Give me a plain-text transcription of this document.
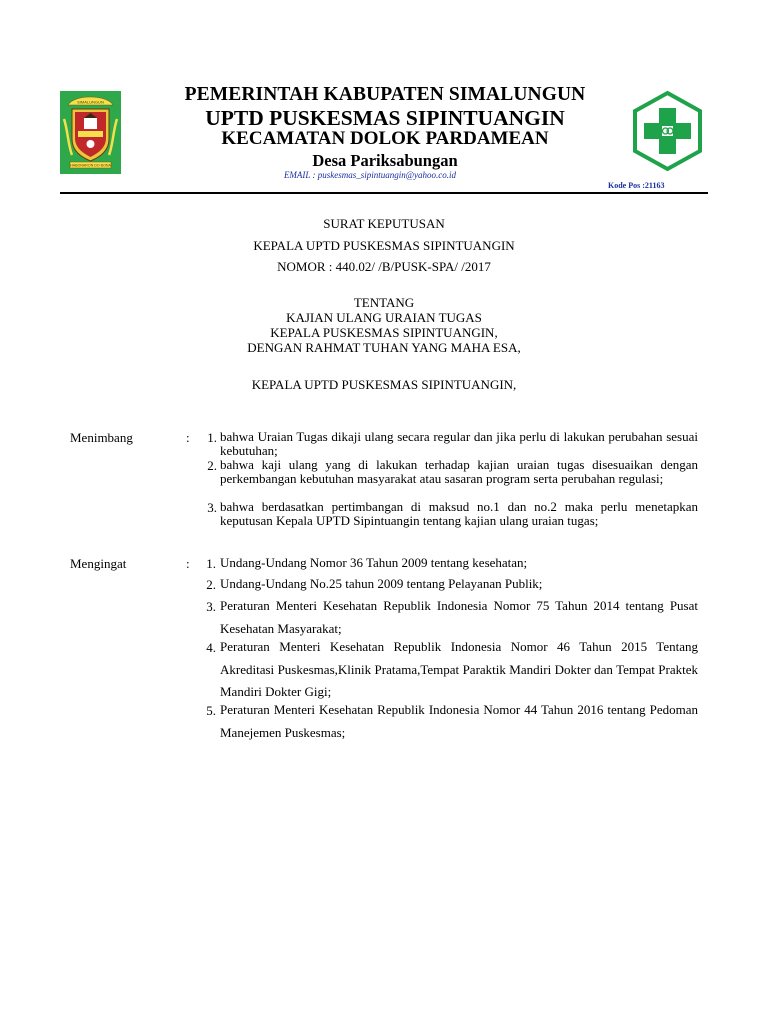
SIMALUNGUN
HABONARON DO BONA
PEMERINTAH KABUPATEN SIMALUNGUN
UPTD PUSKESMAS SIPINTUANGIN
KECAMATAN DOLOK PARDAMEAN
Desa Pariksabungan
EMAIL : puskesmas_sipintuangin@yahoo.co.id
Kode Pos :21163
SURAT KEPUTUSAN
KEPALA UPTD PUSKESMAS SIPINTUANGIN
NOMOR : 440.02/ /B/PUSK-SPA/ /2017
TENTANG
KAJIAN ULANG URAIAN TUGAS
KEPALA PUSKESMAS SIPINTUANGIN,
DENGAN RAHMAT TUHAN YANG MAHA ESA,
KEPALA UPTD PUSKESMAS SIPINTUANGIN,
Menimbang	:	1. bahwa Uraian Tugas dikaji ulang secara regular dan jika perlu di lakukan perubahan sesuai kebutuhan;
2. bahwa kaji ulang yang di lakukan terhadap kajian uraian tugas disesuaikan dengan perkembangan kebutuhan masyarakat atau sasaran program serta perubahan regulasi;
3. bahwa berdasatkan pertimbangan di maksud no.1 dan no.2 maka perlu menetapkan keputusan Kepala UPTD Sipintuangin tentang kajian ulang uraian tugas;
Mengingat	:	1. Undang-Undang Nomor 36 Tahun 2009 tentang kesehatan;
2. Undang-Undang No.25 tahun 2009 tentang Pelayanan Publik;
3. Peraturan Menteri Kesehatan Republik Indonesia Nomor 75 Tahun 2014 tentang Pusat Kesehatan Masyarakat;
4. Peraturan Menteri Kesehatan Republik Indonesia Nomor 46 Tahun 2015 Tentang Akreditasi Puskesmas,Klinik Pratama,Tempat Paraktik Mandiri Dokter dan Tempat Praktek Mandiri Dokter Gigi;
5. Peraturan Menteri Kesehatan Republik Indonesia Nomor 44 Tahun 2016 tentang Pedoman Manejemen Puskesmas;
